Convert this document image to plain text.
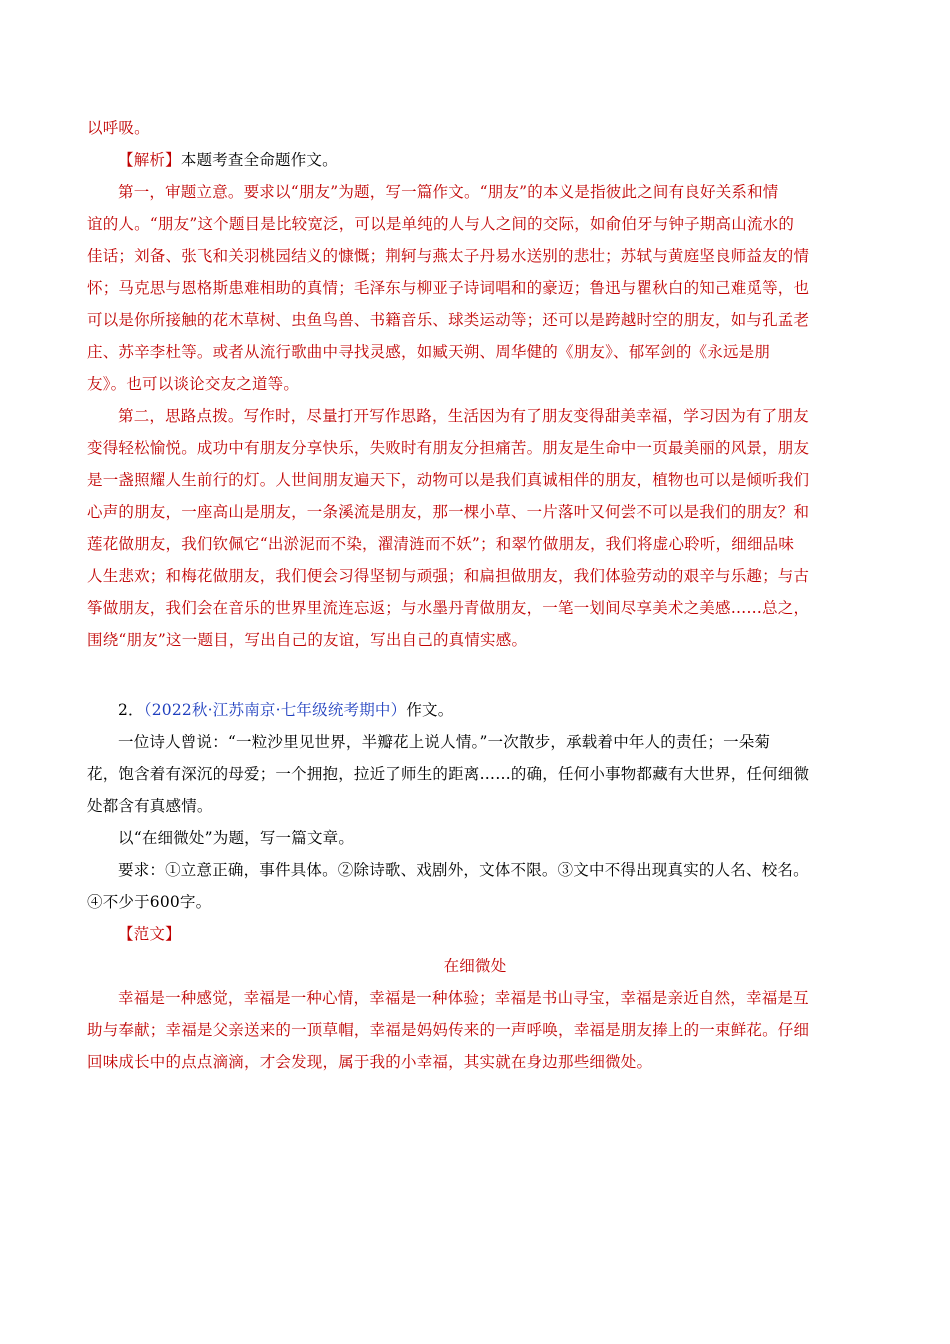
以呼吸。
【解析】本题考查全命题作文。
第一，审题立意。要求以“朋友”为题，写一篇作文。“朋友”的本义是指彼此之间有良好关系和情
谊的人。“朋友”这个题目是比较宽泛，可以是单纯的人与人之间的交际，如俞伯牙与钟子期高山流水的
佳话；刘备、张飞和关羽桃园结义的慷慨；荆轲与燕太子丹易水送别的悲壮；苏轼与黄庭坚良师益友的情
怀；马克思与恩格斯患难相助的真情；毛泽东与柳亚子诗词唱和的豪迈；鲁迅与瞿秋白的知己难觅等，也
可以是你所接触的花木草树、虫鱼鸟兽、书籍音乐、球类运动等；还可以是跨越时空的朋友，如与孔孟老
庄、苏辛李杜等。或者从流行歌曲中寻找灵感，如臧天朔、周华健的《朋友》、郁军剑的《永远是朋
友》。也可以谈论交友之道等。
第二，思路点拨。写作时，尽量打开写作思路，生活因为有了朋友变得甜美幸福，学习因为有了朋友
变得轻松愉悦。成功中有朋友分享快乐，失败时有朋友分担痛苦。朋友是生命中一页最美丽的风景，朋友
是一盏照耀人生前行的灯。人世间朋友遍天下，动物可以是我们真诚相伴的朋友，植物也可以是倾听我们
心声的朋友，一座高山是朋友，一条溪流是朋友，那一棵小草、一片落叶又何尝不可以是我们的朋友？和
莲花做朋友，我们钦佩它“出淤泥而不染，濯清涟而不妖”；和翠竹做朋友，我们将虚心聆听，细细品味
人生悲欢；和梅花做朋友，我们便会习得坚韧与顽强；和扁担做朋友，我们体验劳动的艰辛与乐趣；与古
筝做朋友，我们会在音乐的世界里流连忘返；与水墨丹青做朋友，一笔一划间尽享美术之美感……总之，
围绕“朋友”这一题目，写出自己的友谊，写出自己的真情实感。
2．（2022秋·江苏南京·七年级统考期中）作文。
一位诗人曾说：“一粒沙里见世界，半瓣花上说人情。”一次散步，承载着中年人的责任；一朵菊
花，饱含着有深沉的母爱；一个拥抱，拉近了师生的距离……的确，任何小事物都藏有大世界，任何细微
处都含有真感情。
以“在细微处”为题，写一篇文章。
要求：①立意正确，事件具体。②除诗歌、戏剧外，文体不限。③文中不得出现真实的人名、校名。
④不少于600字。
【范文】
在细微处
幸福是一种感觉，幸福是一种心情，幸福是一种体验；幸福是书山寻宝，幸福是亲近自然，幸福是互
助与奉献；幸福是父亲送来的一顶草帽，幸福是妈妈传来的一声呼唤，幸福是朋友捧上的一束鲜花。仔细
回味成长中的点点滴滴，才会发现，属于我的小幸福，其实就在身边那些细微处。
